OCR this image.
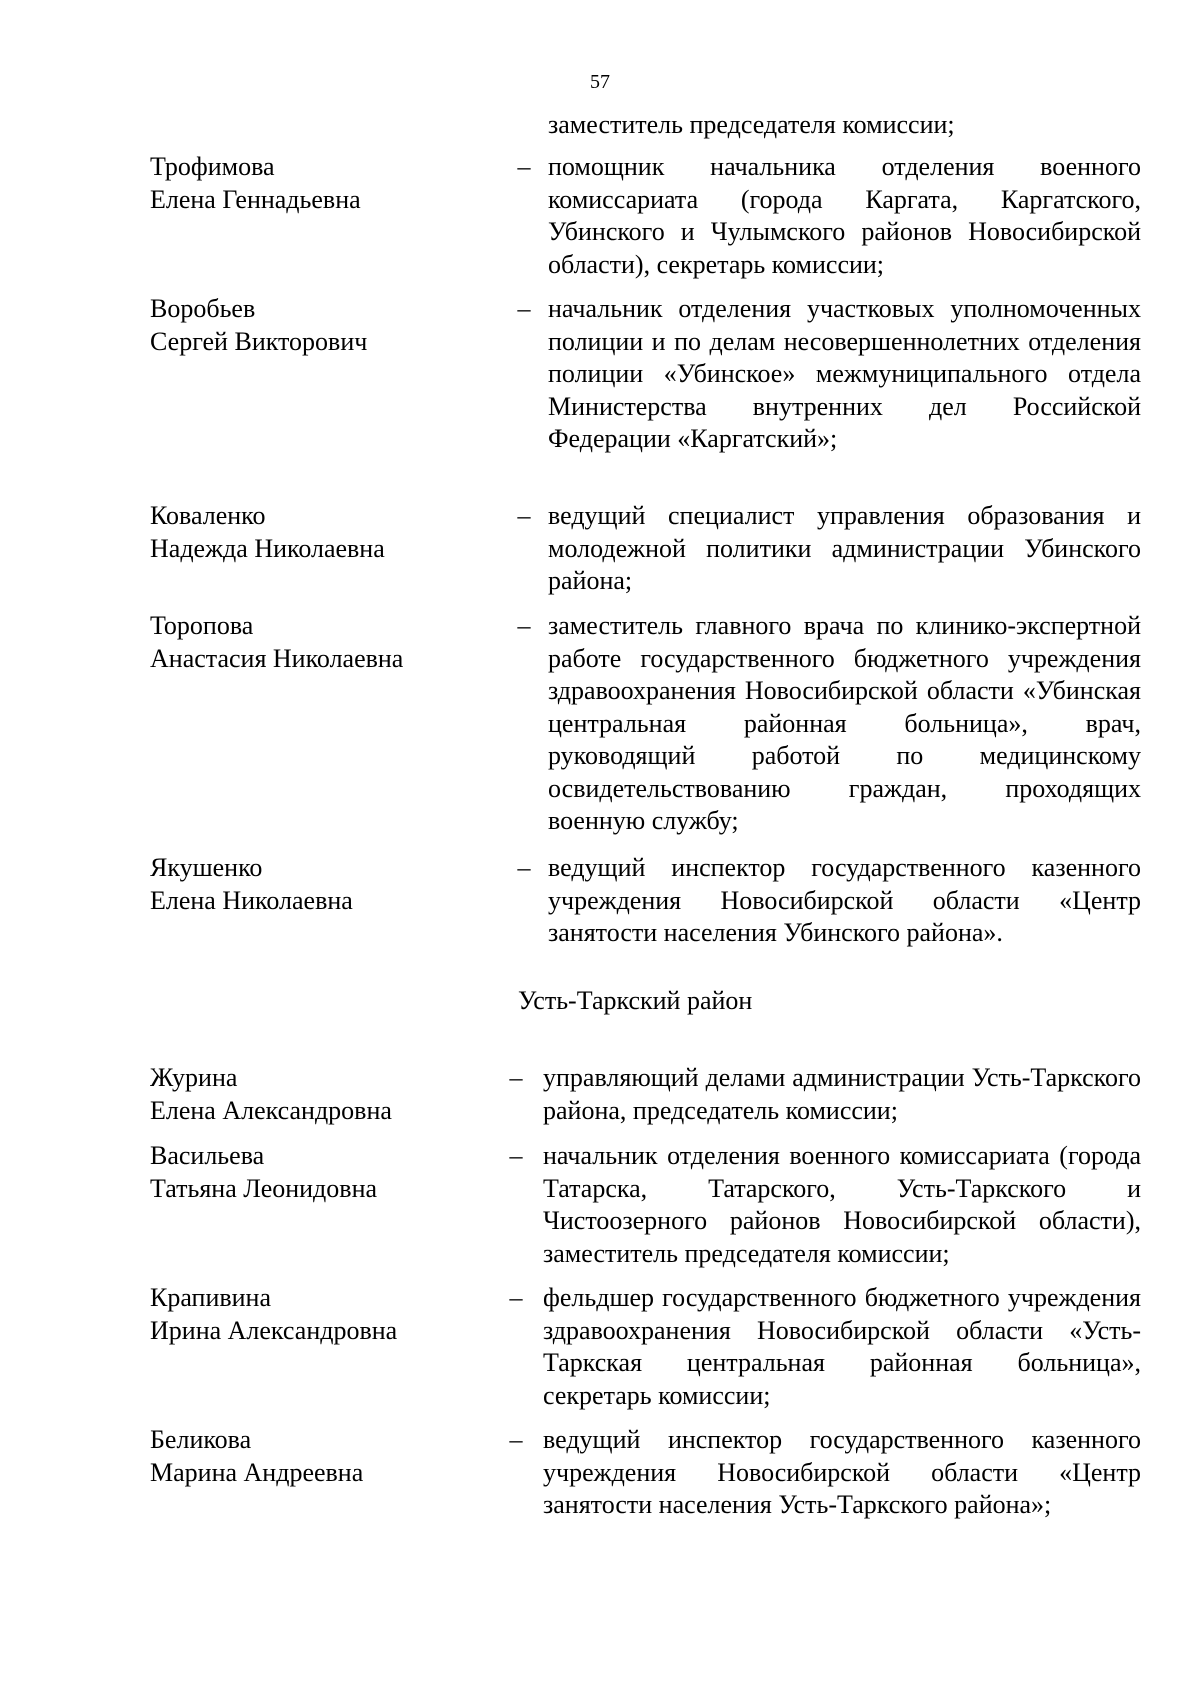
57
заместитель председателя комиссии;
Трофимова
Елена Геннадьевна
– помощник начальника отделения военного комиссариата (города Каргата, Каргатского, Убинского и Чулымского районов Новосибирской области), секретарь комиссии;
Воробьев
Сергей Викторович
– начальник отделения участковых уполномоченных полиции и по делам несовершеннолетних отделения полиции «Убинское» межмуниципального отдела Министерства внутренних дел Российской Федерации «Каргатский»;
Коваленко
Надежда Николаевна
– ведущий специалист управления образования и молодежной политики администрации Убинского района;
Торопова
Анастасия Николаевна
– заместитель главного врача по клинико-экспертной работе государственного бюджетного учреждения здравоохранения Новосибирской области «Убинская центральная районная больница», врач, руководящий работой по медицинскому освидетельствованию граждан, проходящих военную службу;
Якушенко
Елена Николаевна
– ведущий инспектор государственного казенного учреждения Новосибирской области «Центр занятости населения Убинского района».
Усть-Таркский район
Журина
Елена Александровна
– управляющий делами администрации Усть-Таркского района, председатель комиссии;
Васильева
Татьяна Леонидовна
– начальник отделения военного комиссариата (города Татарска, Татарского, Усть-Таркского и Чистоозерного районов Новосибирской области), заместитель председателя комиссии;
Крапивина
Ирина Александровна
– фельдшер государственного бюджетного учреждения здравоохранения Новосибирской области «Усть-Таркская центральная районная больница», секретарь комиссии;
Беликова
Марина Андреевна
– ведущий инспектор государственного казенного учреждения Новосибирской области «Центр занятости населения Усть-Таркского района»;
